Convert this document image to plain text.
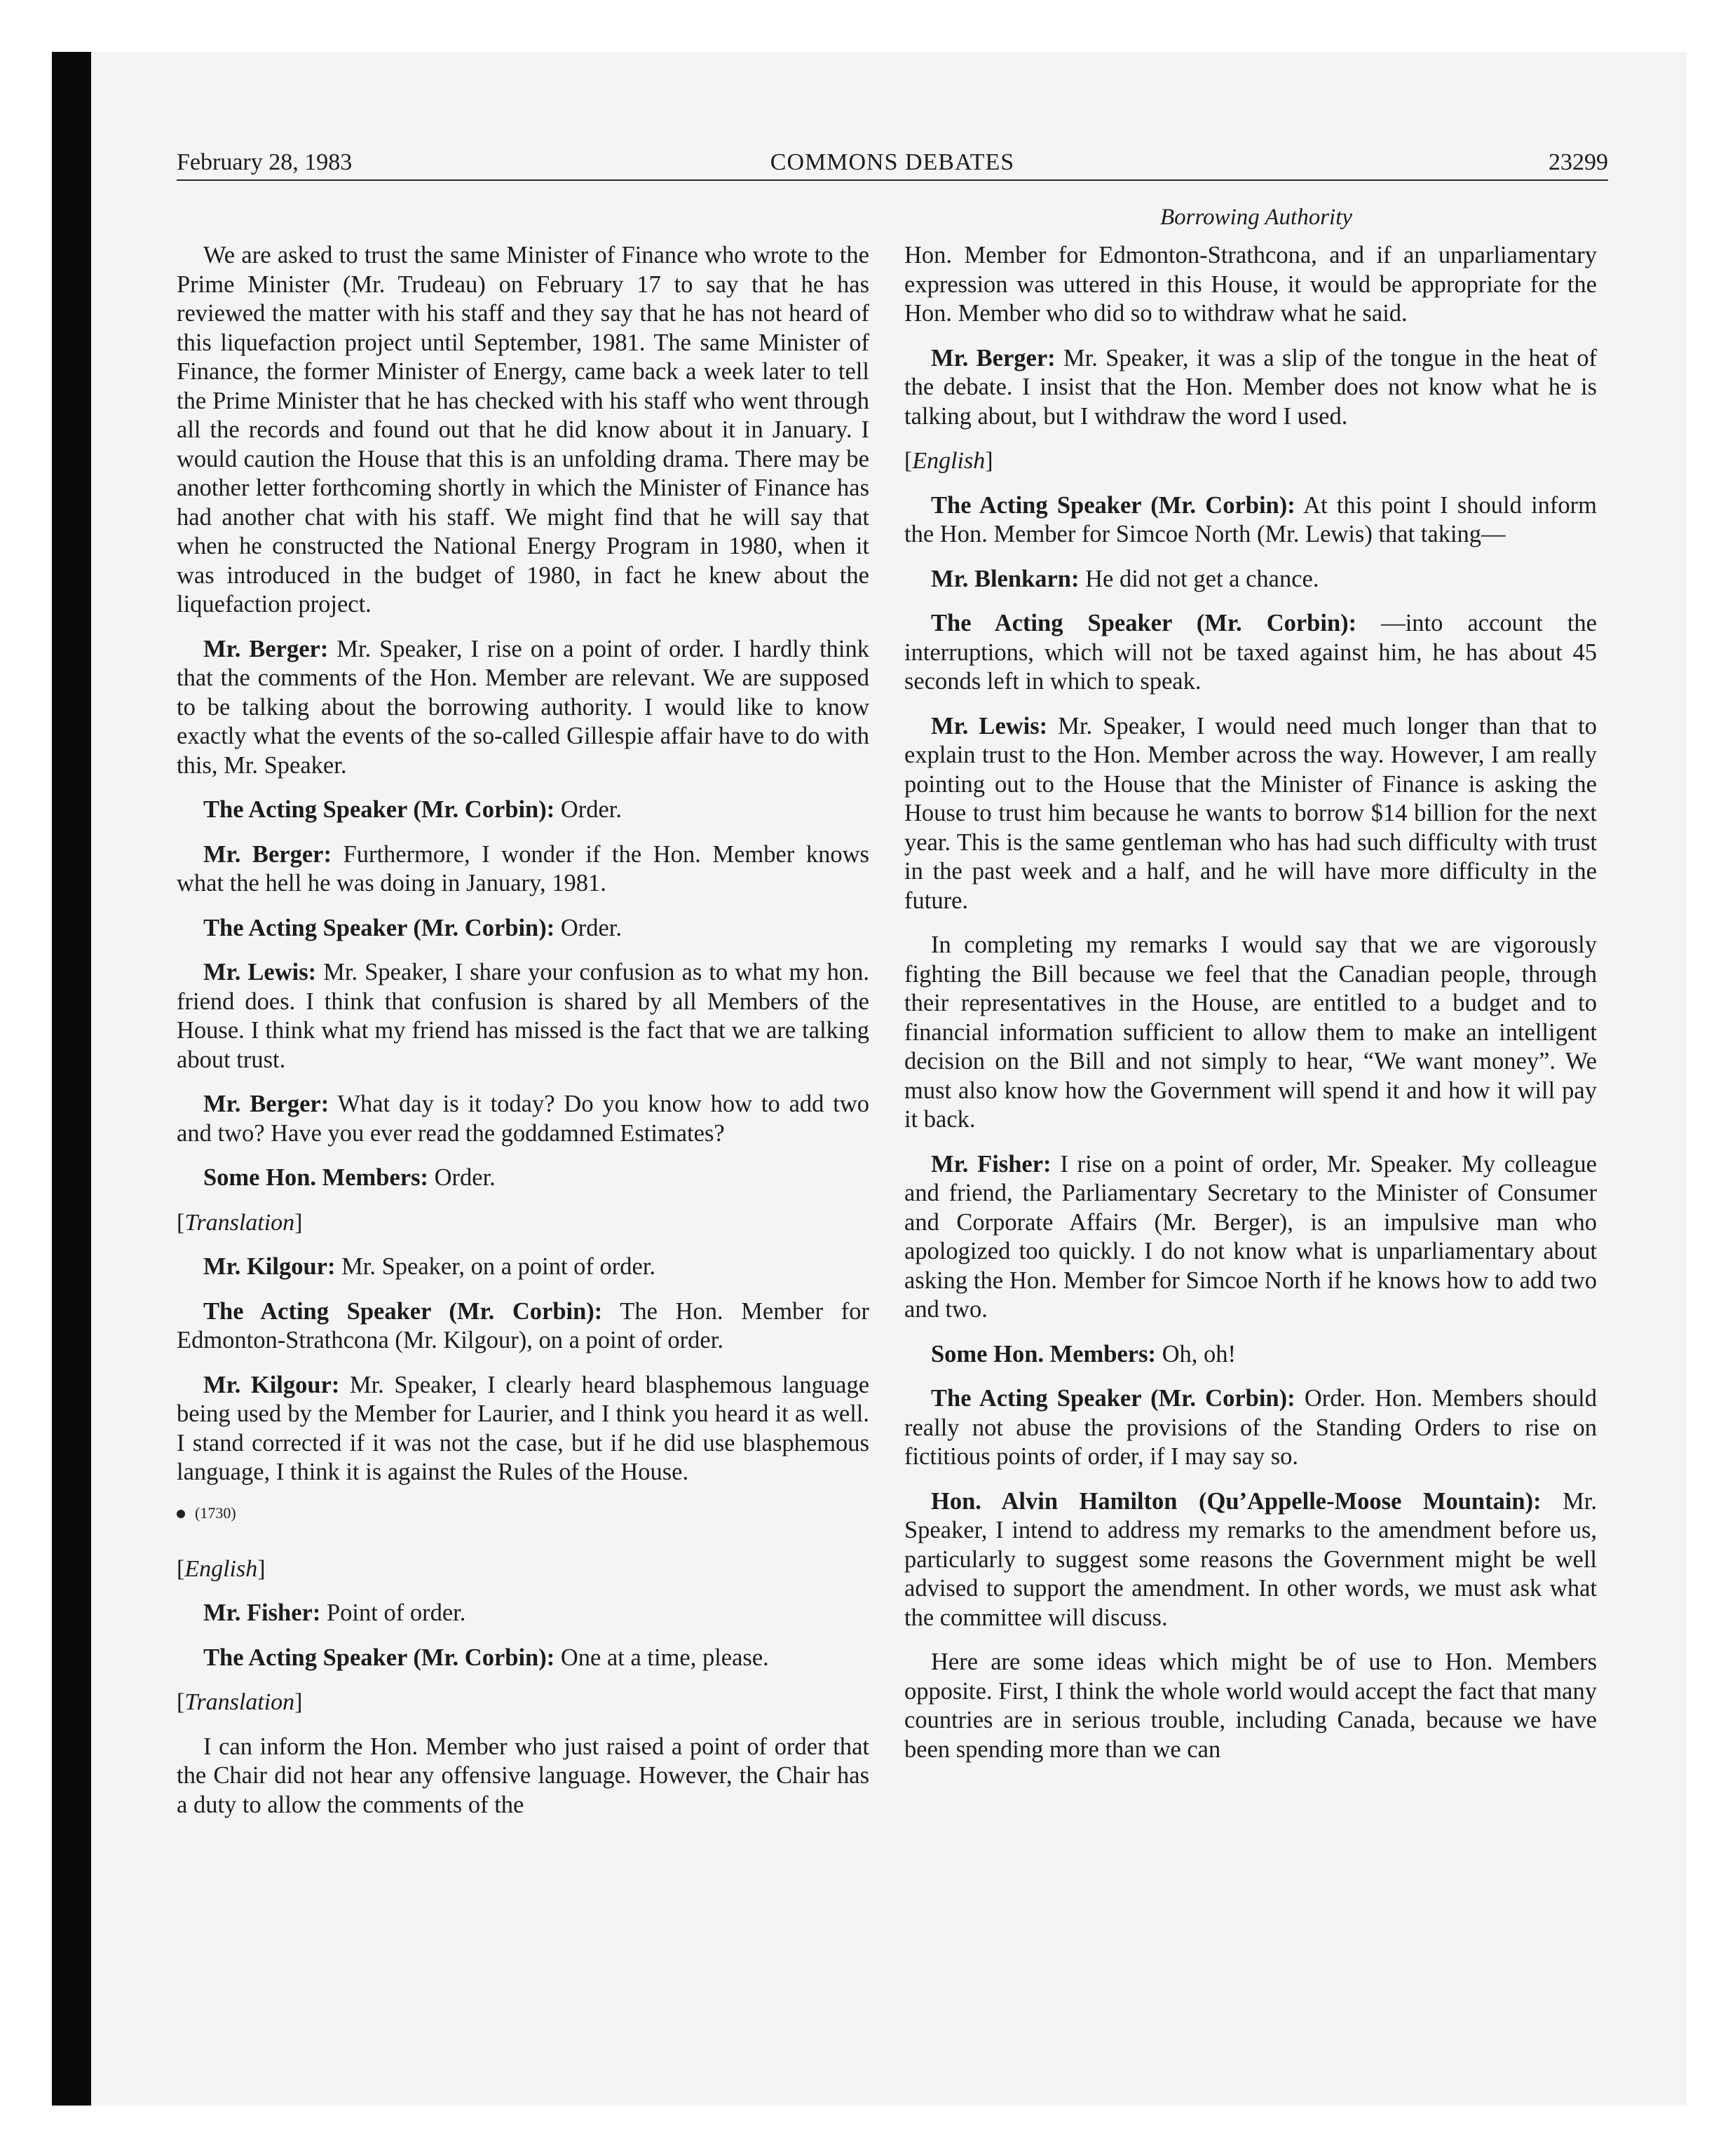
February 28, 1983	COMMONS DEBATES	23299
Borrowing Authority

We are asked to trust the same Minister of Finance who wrote to the Prime Minister (Mr. Trudeau) on February 17 to say that he has reviewed the matter with his staff and they say that he has not heard of this liquefaction project until September, 1981. The same Minister of Finance, the former Minister of Energy, came back a week later to tell the Prime Minister that he has checked with his staff who went through all the records and found out that he did know about it in January. I would caution the House that this is an unfolding drama. There may be another letter forthcoming shortly in which the Minister of Finance has had another chat with his staff. We might find that he will say that when he constructed the National Energy Program in 1980, when it was introduced in the budget of 1980, in fact he knew about the liquefaction project.

Mr. Berger: Mr. Speaker, I rise on a point of order. I hardly think that the comments of the Hon. Member are relevant. We are supposed to be talking about the borrowing authority. I would like to know exactly what the events of the so-called Gillespie affair have to do with this, Mr. Speaker.

The Acting Speaker (Mr. Corbin): Order.

Mr. Berger: Furthermore, I wonder if the Hon. Member knows what the hell he was doing in January, 1981.

The Acting Speaker (Mr. Corbin): Order.

Mr. Lewis: Mr. Speaker, I share your confusion as to what my hon. friend does. I think that confusion is shared by all Members of the House. I think what my friend has missed is the fact that we are talking about trust.

Mr. Berger: What day is it today? Do you know how to add two and two? Have you ever read the goddamned Estimates?

Some Hon. Members: Order.

[Translation]

Mr. Kilgour: Mr. Speaker, on a point of order.

The Acting Speaker (Mr. Corbin): The Hon. Member for Edmonton-Strathcona (Mr. Kilgour), on a point of order.

Mr. Kilgour: Mr. Speaker, I clearly heard blasphemous language being used by the Member for Laurier, and I think you heard it as well. I stand corrected if it was not the case, but if he did use blasphemous language, I think it is against the Rules of the House.

(1730)

[English]

Mr. Fisher: Point of order.

The Acting Speaker (Mr. Corbin): One at a time, please.

[Translation]

I can inform the Hon. Member who just raised a point of order that the Chair did not hear any offensive language. However, the Chair has a duty to allow the comments of the

Hon. Member for Edmonton-Strathcona, and if an unparliamentary expression was uttered in this House, it would be appropriate for the Hon. Member who did so to withdraw what he said.

Mr. Berger: Mr. Speaker, it was a slip of the tongue in the heat of the debate. I insist that the Hon. Member does not know what he is talking about, but I withdraw the word I used.

[English]

The Acting Speaker (Mr. Corbin): At this point I should inform the Hon. Member for Simcoe North (Mr. Lewis) that taking—

Mr. Blenkarn: He did not get a chance.

The Acting Speaker (Mr. Corbin): —into account the interruptions, which will not be taxed against him, he has about 45 seconds left in which to speak.

Mr. Lewis: Mr. Speaker, I would need much longer than that to explain trust to the Hon. Member across the way. However, I am really pointing out to the House that the Minister of Finance is asking the House to trust him because he wants to borrow $14 billion for the next year. This is the same gentleman who has had such difficulty with trust in the past week and a half, and he will have more difficulty in the future.

In completing my remarks I would say that we are vigorously fighting the Bill because we feel that the Canadian people, through their representatives in the House, are entitled to a budget and to financial information sufficient to allow them to make an intelligent decision on the Bill and not simply to hear, “We want money”. We must also know how the Government will spend it and how it will pay it back.

Mr. Fisher: I rise on a point of order, Mr. Speaker. My colleague and friend, the Parliamentary Secretary to the Minister of Consumer and Corporate Affairs (Mr. Berger), is an impulsive man who apologized too quickly. I do not know what is unparliamentary about asking the Hon. Member for Simcoe North if he knows how to add two and two.

Some Hon. Members: Oh, oh!

The Acting Speaker (Mr. Corbin): Order. Hon. Members should really not abuse the provisions of the Standing Orders to rise on fictitious points of order, if I may say so.

Hon. Alvin Hamilton (Qu’Appelle-Moose Mountain): Mr. Speaker, I intend to address my remarks to the amendment before us, particularly to suggest some reasons the Government might be well advised to support the amendment. In other words, we must ask what the committee will discuss.

Here are some ideas which might be of use to Hon. Members opposite. First, I think the whole world would accept the fact that many countries are in serious trouble, including Canada, because we have been spending more than we can
